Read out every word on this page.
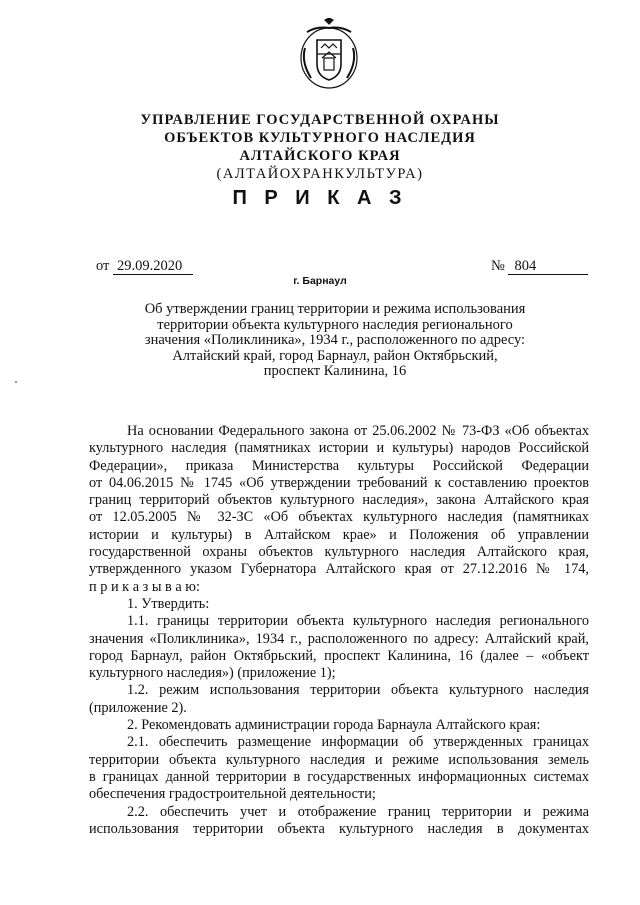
УПРАВЛЕНИЕ ГОСУДАРСТВЕННОЙ ОХРАНЫ
ОБЪЕКТОВ КУЛЬТУРНОГО НАСЛЕДИЯ
АЛТАЙСКОГО КРАЯ
(АЛТАЙОХРАНКУЛЬТУРА)
П Р И К А З
от 29.09.2020	№ 804
г. Барнаул
Об утверждении границ территории и режима использования
территории объекта культурного наследия регионального
значения «Поликлиника», 1934 г., расположенного по адресу:
Алтайский край, город Барнаул, район Октябрьский,
проспект Калинина, 16
На основании Федерального закона от 25.06.2002 № 73-ФЗ «Об объектах
культурного наследия (памятниках истории и культуры) народов Российской
Федерации», приказа Министерства культуры Российской Федерации
от 04.06.2015 № 1745 «Об утверждении требований к составлению проектов
границ территорий объектов культурного наследия», закона Алтайского края
от 12.05.2005 № 32-ЗС «Об объектах культурного наследия (памятниках
истории и культуры) в Алтайском крае» и Положения об управлении
государственной охраны объектов культурного наследия Алтайского края,
утвержденного указом Губернатора Алтайского края от 27.12.2016 № 174,
п р и к а з ы в а ю:
1. Утвердить:
1.1. границы территории объекта культурного наследия регионального
значения «Поликлиника», 1934 г., расположенного по адресу: Алтайский край,
город Барнаул, район Октябрьский, проспект Калинина, 16 (далее – «объект
культурного наследия») (приложение 1);
1.2. режим использования территории объекта культурного наследия
(приложение 2).
2. Рекомендовать администрации города Барнаула Алтайского края:
2.1. обеспечить размещение информации об утвержденных границах
территории объекта культурного наследия и режиме использования земель
в границах данной территории в государственных информационных системах
обеспечения градостроительной деятельности;
2.2. обеспечить учет и отображение границ территории и режима
использования территории объекта культурного наследия в документах
